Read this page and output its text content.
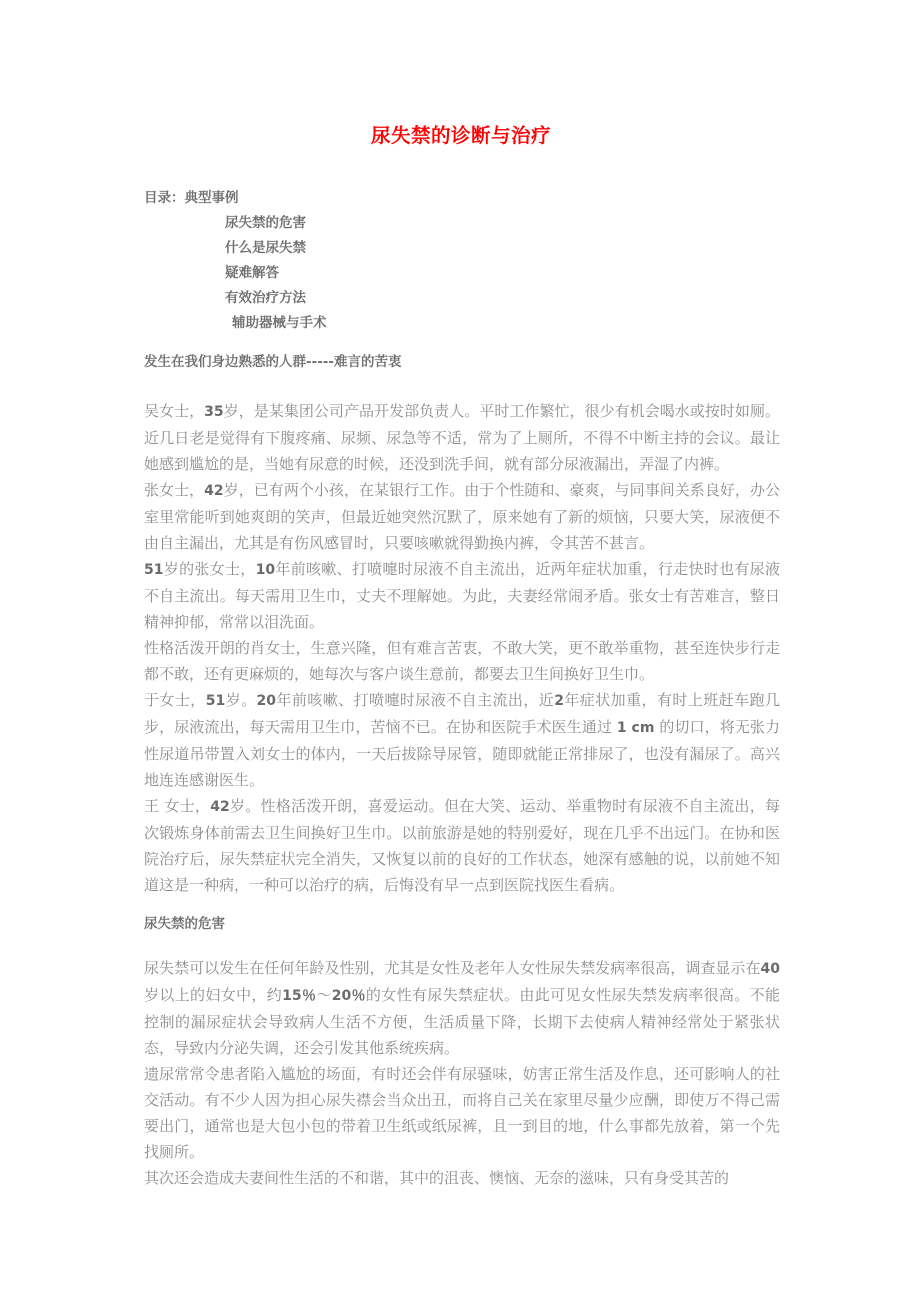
尿失禁的诊断与治疗
目录：典型事例
尿失禁的危害
什么是尿失禁
疑难解答
有效治疗方法
辅助器械与手术
发生在我们身边熟悉的人群-----难言的苦衷

吴女士，35岁，是某集团公司产品开发部负责人。平时工作繁忙，很少有机会喝水或按时如厕。近几日老是觉得有下腹疼痛、尿频、尿急等不适，常为了上厕所，不得不中断主持的会议。最让她感到尴尬的是，当她有尿意的时候，还没到洗手间，就有部分尿液漏出，弄湿了内裤。

张女士，42岁，已有两个小孩，在某银行工作。由于个性随和、豪爽，与同事间关系良好，办公室里常能听到她爽朗的笑声，但最近她突然沉默了，原来她有了新的烦恼，只要大笑，尿液便不由自主漏出，尤其是有伤风感冒时，只要咳嗽就得勤换内裤，令其苦不甚言。

51岁的张女士，10年前咳嗽、打喷嚏时尿液不自主流出，近两年症状加重，行走快时也有尿液不自主流出。每天需用卫生巾，丈夫不理解她。为此，夫妻经常闹矛盾。张女士有苦难言，整日精神抑郁，常常以泪洗面。

性格活泼开朗的肖女士，生意兴隆，但有难言苦衷，不敢大笑，更不敢举重物，甚至连快步行走都不敢，还有更麻烦的，她每次与客户谈生意前，都要去卫生间换好卫生巾。

于女士，51岁。20年前咳嗽、打喷嚏时尿液不自主流出，近2年症状加重，有时上班赶车跑几步，尿液流出，每天需用卫生巾，苦恼不已。在协和医院手术医生通过 1 cm 的切口，将无张力性尿道吊带置入刘女士的体内，一天后拔除导尿管，随即就能正常排尿了，也没有漏尿了。高兴地连连感谢医生。

王 女士，42岁。性格活泼开朗，喜爱运动。但在大笑、运动、举重物时有尿液不自主流出，每次锻炼身体前需去卫生间换好卫生巾。以前旅游是她的特别爱好，现在几乎不出远门。在协和医院治疗后，尿失禁症状完全消失，又恢复以前的良好的工作状态，她深有感触的说，以前她不知道这是一种病，一种可以治疗的病，后悔没有早一点到医院找医生看病。

尿失禁的危害

尿失禁可以发生在任何年龄及性别，尤其是女性及老年人女性尿失禁发病率很高，调查显示在40岁以上的妇女中，约15％～20％的女性有尿失禁症状。由此可见女性尿失禁发病率很高。不能控制的漏尿症状会导致病人生活不方便，生活质量下降，长期下去使病人精神经常处于紧张状态，导致内分泌失调，还会引发其他系统疾病。

遗尿常常令患者陷入尴尬的场面，有时还会伴有尿骚味，妨害正常生活及作息，还可影响人的社交活动。有不少人因为担心尿失襟会当众出丑，而将自己关在家里尽量少应酬，即使万不得己需要出门，通常也是大包小包的带着卫生纸或纸尿裤，且一到目的地，什么事都先放着，第一个先找厕所。

其次还会造成夫妻间性生活的不和谐，其中的沮丧、懊恼、无奈的滋味，只有身受其苦的
